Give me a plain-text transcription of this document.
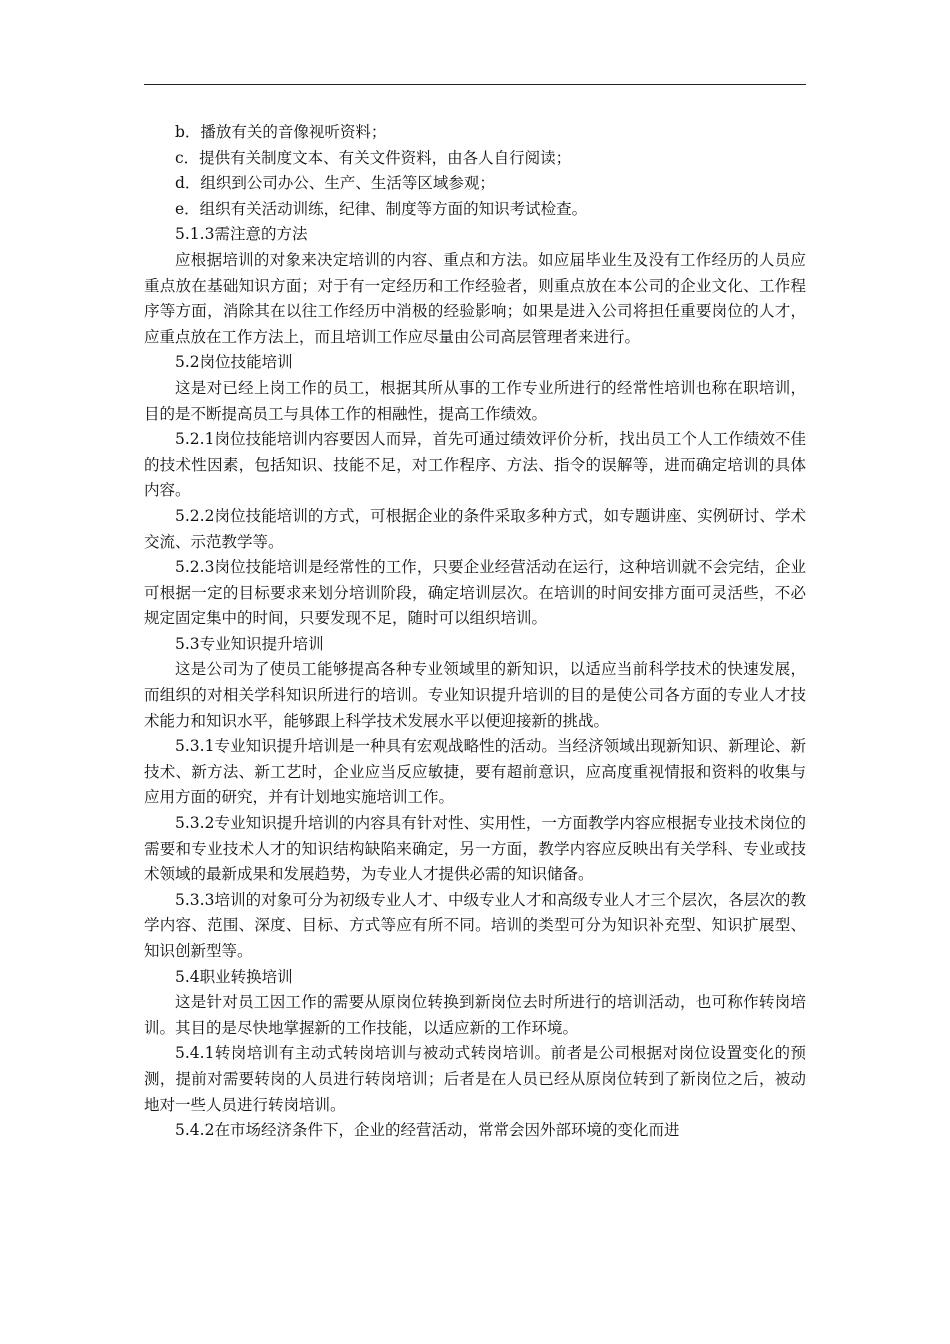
b．播放有关的音像视听资料；

c．提供有关制度文本、有关文件资料，由各人自行阅读；

d．组织到公司办公、生产、生活等区域参观；

e．组织有关活动训练，纪律、制度等方面的知识考试检查。

5.1.3需注意的方法

应根据培训的对象来决定培训的内容、重点和方法。如应届毕业生及没有工作经历的人员应重点放在基础知识方面；对于有一定经历和工作经验者，则重点放在本公司的企业文化、工作程序等方面，消除其在以往工作经历中消极的经验影响；如果是进入公司将担任重要岗位的人才，应重点放在工作方法上，而且培训工作应尽量由公司高层管理者来进行。

5.2岗位技能培训

这是对已经上岗工作的员工，根据其所从事的工作专业所进行的经常性培训也称在职培训，目的是不断提高员工与具体工作的相融性，提高工作绩效。

5.2.1岗位技能培训内容要因人而异，首先可通过绩效评价分析，找出员工个人工作绩效不佳的技术性因素，包括知识、技能不足，对工作程序、方法、指令的误解等，进而确定培训的具体内容。

5.2.2岗位技能培训的方式，可根据企业的条件采取多种方式，如专题讲座、实例研讨、学术交流、示范教学等。

5.2.3岗位技能培训是经常性的工作，只要企业经营活动在运行，这种培训就不会完结，企业可根据一定的目标要求来划分培训阶段，确定培训层次。在培训的时间安排方面可灵活些，不必规定固定集中的时间，只要发现不足，随时可以组织培训。

5.3专业知识提升培训

这是公司为了使员工能够提高各种专业领域里的新知识，以适应当前科学技术的快速发展，而组织的对相关学科知识所进行的培训。专业知识提升培训的目的是使公司各方面的专业人才技术能力和知识水平，能够跟上科学技术发展水平以便迎接新的挑战。

5.3.1专业知识提升培训是一种具有宏观战略性的活动。当经济领域出现新知识、新理论、新技术、新方法、新工艺时，企业应当反应敏捷，要有超前意识，应高度重视情报和资料的收集与应用方面的研究，并有计划地实施培训工作。

5.3.2专业知识提升培训的内容具有针对性、实用性，一方面教学内容应根据专业技术岗位的需要和专业技术人才的知识结构缺陷来确定，另一方面，教学内容应反映出有关学科、专业或技术领域的最新成果和发展趋势，为专业人才提供必需的知识储备。

5.3.3培训的对象可分为初级专业人才、中级专业人才和高级专业人才三个层次，各层次的教学内容、范围、深度、目标、方式等应有所不同。培训的类型可分为知识补充型、知识扩展型、知识创新型等。

5.4职业转换培训

这是针对员工因工作的需要从原岗位转换到新岗位去时所进行的培训活动，也可称作转岗培训。其目的是尽快地掌握新的工作技能，以适应新的工作环境。

5.4.1转岗培训有主动式转岗培训与被动式转岗培训。前者是公司根据对岗位设置变化的预测，提前对需要转岗的人员进行转岗培训；后者是在人员已经从原岗位转到了新岗位之后，被动地对一些人员进行转岗培训。

5.4.2在市场经济条件下，企业的经营活动，常常会因外部环境的变化而进
